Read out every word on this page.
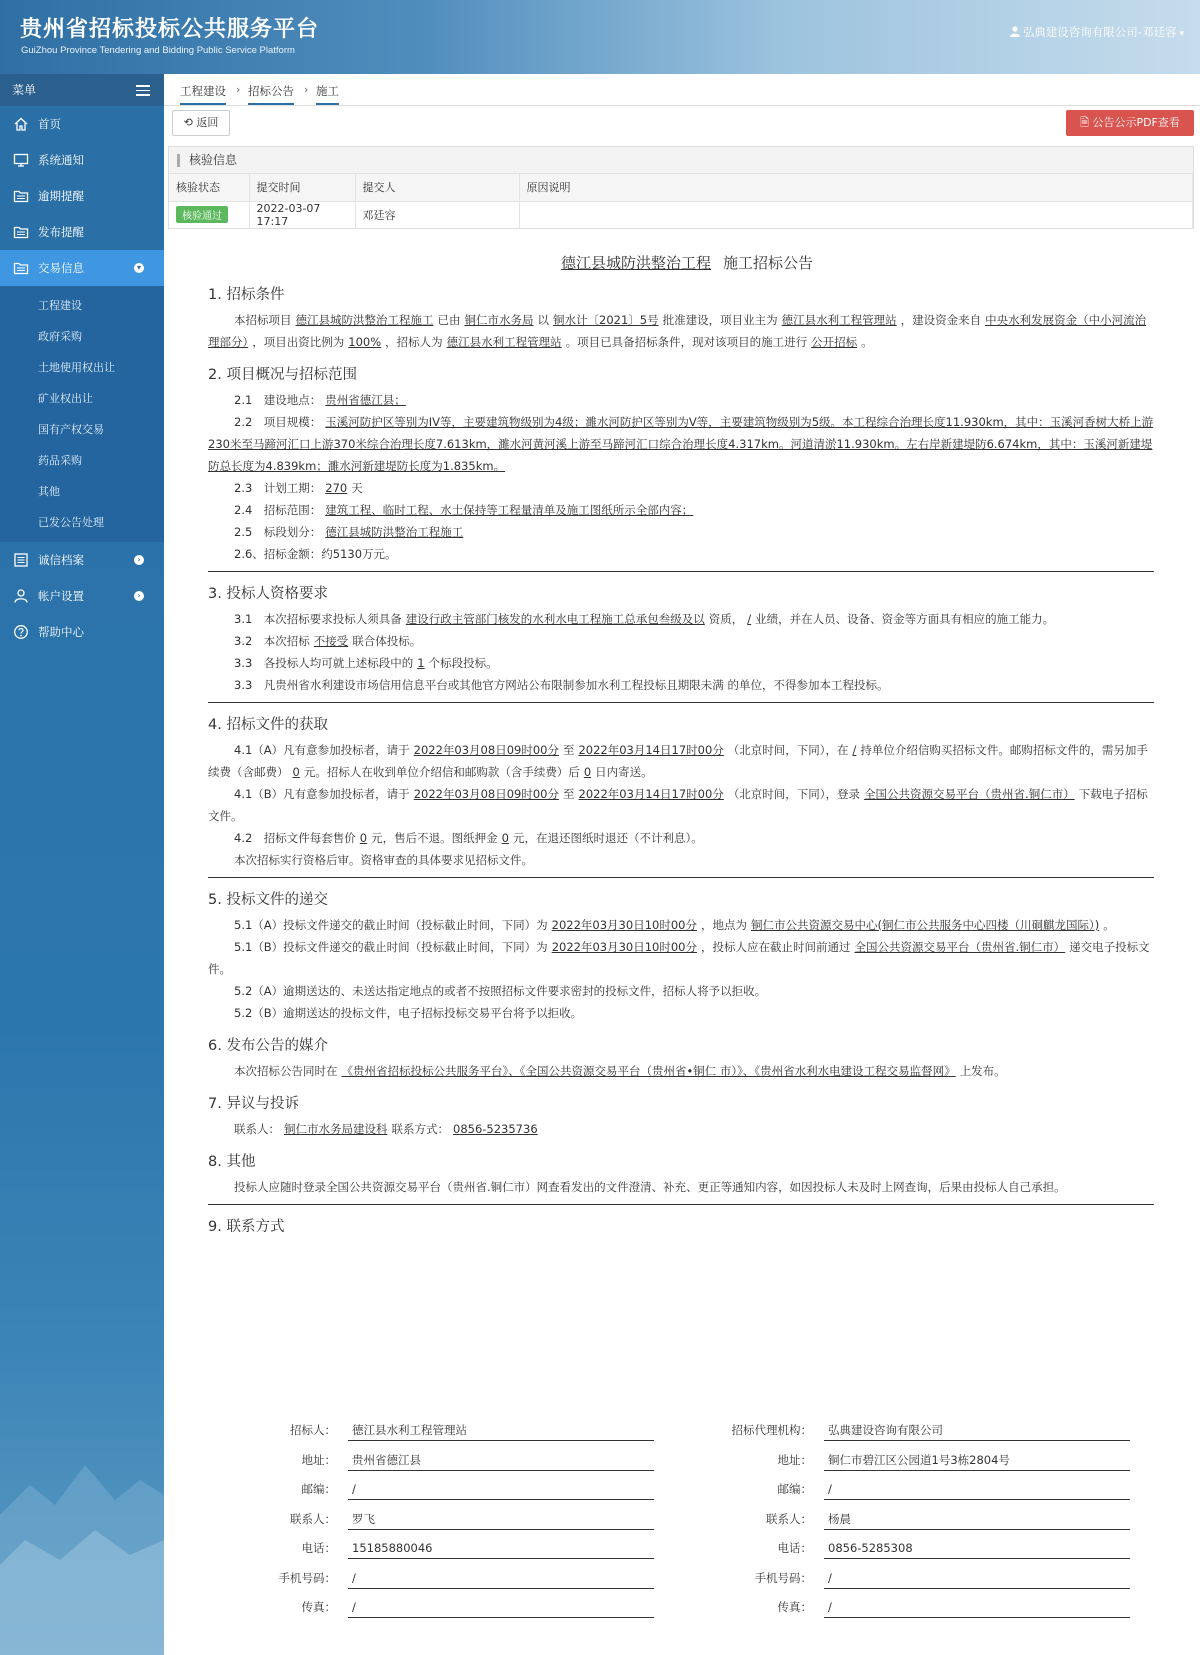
贵州省招标投标公共服务平台
GuiZhou Province Tendering and Bidding Public Service Platform
弘典建设咨询有限公司-邓廷容 ▾
菜单
首页
系统通知
逾期提醒
发布提醒
交易信息	▾
工程建设
政府采购
土地使用权出让
矿业权出让
国有产权交易
药品采购
其他
已发公告处理
诚信档案	›
帐户设置	›
帮助中心
工程建设 › 招标公告 › 施工
⟲ 返回	🗎 公告公示PDF查看
核验信息
核验状态	提交时间	提交人	原因说明
核验通过	2022-03-07 17:17	邓廷容	
德江县城防洪整治工程 施工招标公告
1. 招标条件
本招标项目 德江县城防洪整治工程施工 已由 铜仁市水务局 以 铜水计〔2021〕5号 批准建设，项目业主为 德江县水利工程管理站 ，建设资金来自 中央水利发展资金（中小河流治理部分） ，项目出资比例为 100% ，招标人为 德江县水利工程管理站 。项目已具备招标条件，现对该项目的施工进行 公开招标 。
2. 项目概况与招标范围
2.1　建设地点： 贵州省德江县；
2.2　项目规模： 玉溪河防护区等别为IV等，主要建筑物级别为4级；濉水河防护区等别为V等，主要建筑物级别为5级。本工程综合治理长度11.930km，其中：玉溪河香树大桥上游230米至马蹄河汇口上游370米综合治理长度7.613km，濉水河黄河溪上游至马蹄河汇口综合治理长度4.317km。河道清淤11.930km。左右岸新建堤防6.674km，其中：玉溪河新建堤防总长度为4.839km；濉水河新建堤防长度为1.835km。
2.3　计划工期： 270 天
2.4　招标范围： 建筑工程、临时工程、水土保持等工程量清单及施工图纸所示全部内容；
2.5　标段划分： 德江县城防洪整治工程施工
2.6、招标金额：约5130万元。
3. 投标人资格要求
3.1　本次招标要求投标人须具备 建设行政主管部门核发的水利水电工程施工总承包叁级及以 资质， / 业绩，并在人员、设备、资金等方面具有相应的施工能力。
3.2　本次招标 不接受 联合体投标。
3.3　各投标人均可就上述标段中的 1 个标段投标。
3.3　凡贵州省水利建设市场信用信息平台或其他官方网站公布限制参加水利工程投标且期限未满 的单位，不得参加本工程投标。
4. 招标文件的获取
4.1（A）凡有意参加投标者，请于 2022年03月08日09时00分 至 2022年03月14日17时00分 （北京时间，下同），在 / 持单位介绍信购买招标文件。邮购招标文件的，需另加手续费（含邮费） 0 元。招标人在收到单位介绍信和邮购款（含手续费）后 0 日内寄送。
4.1（B）凡有意参加投标者，请于 2022年03月08日09时00分 至 2022年03月14日17时00分 （北京时间，下同），登录 全国公共资源交易平台（贵州省.铜仁市） 下载电子招标文件。
4.2　招标文件每套售价 0 元，售后不退。图纸押金 0 元，在退还图纸时退还（不计利息）。
本次招标实行资格后审。资格审查的具体要求见招标文件。
5. 投标文件的递交
5.1（A）投标文件递交的截止时间（投标截止时间，下同）为 2022年03月30日10时00分 ，地点为 铜仁市公共资源交易中心(铜仁市公共服务中心四楼（川硐麒龙国际）) 。
5.1（B）投标文件递交的截止时间（投标截止时间，下同）为 2022年03月30日10时00分 ，投标人应在截止时间前通过 全国公共资源交易平台（贵州省.铜仁市） 递交电子投标文件。
5.2（A）逾期送达的、未送达指定地点的或者不按照招标文件要求密封的投标文件，招标人将予以拒收。
5.2（B）逾期送达的投标文件，电子招标投标交易平台将予以拒收。
6. 发布公告的媒介
本次招标公告同时在 《贵州省招标投标公共服务平台》、《全国公共资源交易平台（贵州省•铜仁 市）》、《贵州省水利水电建设工程交易监督网》 上发布。
7. 异议与投诉
联系人： 铜仁市水务局建设科 联系方式： 0856-5235736
8. 其他
投标人应随时登录全国公共资源交易平台（贵州省.铜仁市）网查看发出的文件澄清、补充、更正等通知内容，如因投标人未及时上网查询，后果由投标人自己承担。
9. 联系方式
招标人：	德江县水利工程管理站
地址：	贵州省德江县
邮编：	/
联系人：	罗飞
电话：	15185880046
手机号码：	/
传真：	/
招标代理机构：	弘典建设咨询有限公司
地址：	铜仁市碧江区公园道1号3栋2804号
邮编：	/
联系人：	杨晨
电话：	0856-5285308
手机号码：	/
传真：	/
